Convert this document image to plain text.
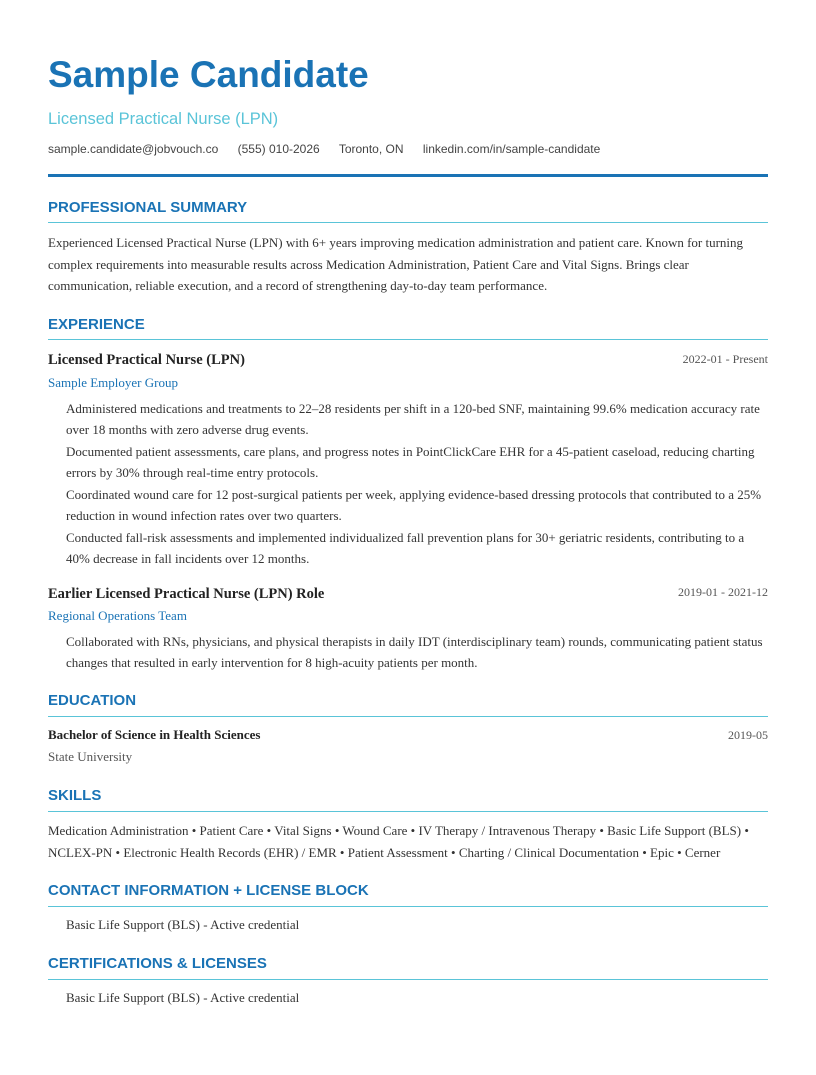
Sample Candidate
Licensed Practical Nurse (LPN)
sample.candidate@jobvouch.co (555) 010-2026 Toronto, ON linkedin.com/in/sample-candidate
PROFESSIONAL SUMMARY
Experienced Licensed Practical Nurse (LPN) with 6+ years improving medication administration and patient care. Known for turning complex requirements into measurable results across Medication Administration, Patient Care and Vital Signs. Brings clear communication, reliable execution, and a record of strengthening day-to-day team performance.
EXPERIENCE
Licensed Practical Nurse (LPN)	2022-01 - Present
Sample Employer Group
Administered medications and treatments to 22–28 residents per shift in a 120-bed SNF, maintaining 99.6% medication accuracy rate over 18 months with zero adverse drug events.
Documented patient assessments, care plans, and progress notes in PointClickCare EHR for a 45-patient caseload, reducing charting errors by 30% through real-time entry protocols.
Coordinated wound care for 12 post-surgical patients per week, applying evidence-based dressing protocols that contributed to a 25% reduction in wound infection rates over two quarters.
Conducted fall-risk assessments and implemented individualized fall prevention plans for 30+ geriatric residents, contributing to a 40% decrease in fall incidents over 12 months.
Earlier Licensed Practical Nurse (LPN) Role	2019-01 - 2021-12
Regional Operations Team
Collaborated with RNs, physicians, and physical therapists in daily IDT (interdisciplinary team) rounds, communicating patient status changes that resulted in early intervention for 8 high-acuity patients per month.
EDUCATION
Bachelor of Science in Health Sciences	2019-05
State University
SKILLS
Medication Administration • Patient Care • Vital Signs • Wound Care • IV Therapy / Intravenous Therapy • Basic Life Support (BLS) • NCLEX-PN • Electronic Health Records (EHR) / EMR • Patient Assessment • Charting / Clinical Documentation • Epic • Cerner
CONTACT INFORMATION + LICENSE BLOCK
Basic Life Support (BLS) - Active credential
CERTIFICATIONS & LICENSES
Basic Life Support (BLS) - Active credential
